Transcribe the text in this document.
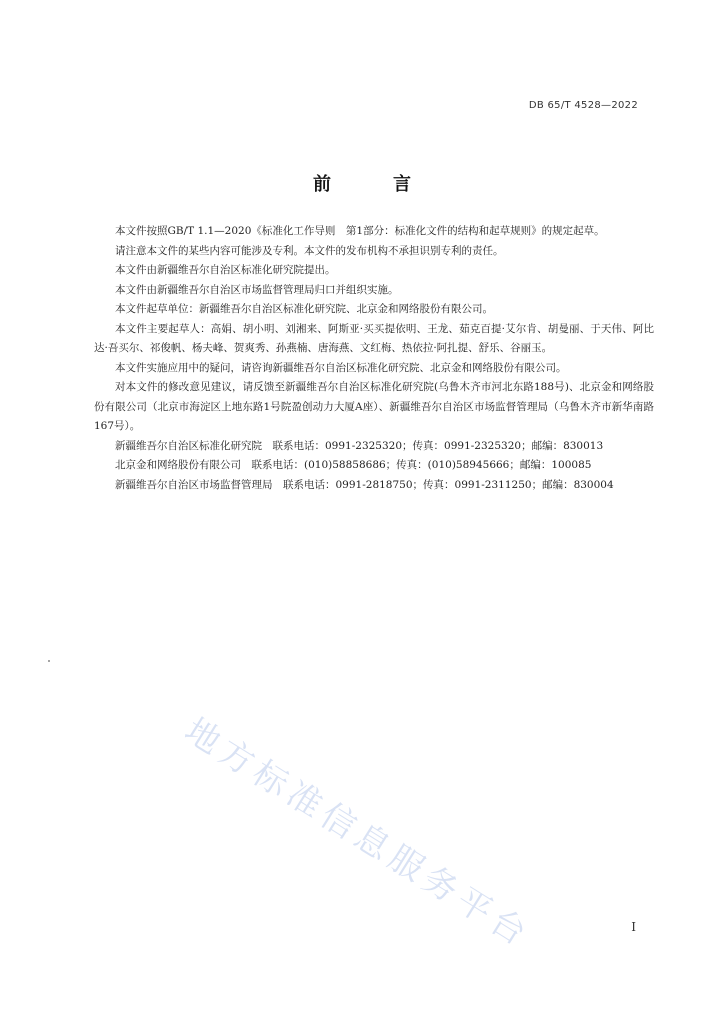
DB 65/T 4528—2022
前　言

本文件按照GB/T 1.1—2020《标准化工作导则　第1部分：标准化文件的结构和起草规则》的规定起草。

请注意本文件的某些内容可能涉及专利。本文件的发布机构不承担识别专利的责任。

本文件由新疆维吾尔自治区标准化研究院提出。

本文件由新疆维吾尔自治区市场监督管理局归口并组织实施。

本文件起草单位：新疆维吾尔自治区标准化研究院、北京金和网络股份有限公司。

本文件主要起草人：高娟、胡小明、刘湘来、阿斯亚·买买提依明、王龙、茹克百提·艾尔肯、胡曼丽、于天伟、阿比达·吾买尔、祁俊帆、杨夫峰、贺爽秀、孙燕楠、唐海燕、文红梅、热依拉·阿扎提、舒乐、谷丽玉。

本文件实施应用中的疑问，请咨询新疆维吾尔自治区标准化研究院、北京金和网络股份有限公司。

对本文件的修改意见建议，请反馈至新疆维吾尔自治区标准化研究院(乌鲁木齐市河北东路188号)、北京金和网络股份有限公司（北京市海淀区上地东路1号院盈创动力大厦A座）、新疆维吾尔自治区市场监督管理局（乌鲁木齐市新华南路167号）。

新疆维吾尔自治区标准化研究院　联系电话：0991-2325320；传真：0991-2325320；邮编：830013

北京金和网络股份有限公司　联系电话：(010)58858686；传真：(010)58945666；邮编：100085

新疆维吾尔自治区市场监督管理局　联系电话：0991-2818750；传真：0991-2311250；邮编：830004

地方标准信息服务平台	I
